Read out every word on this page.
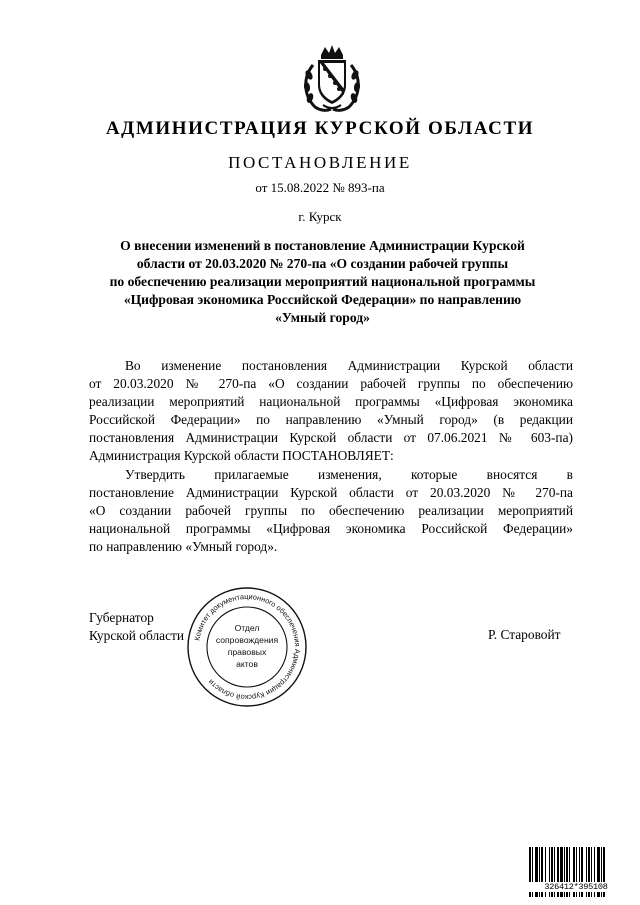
АДМИНИСТРАЦИЯ КУРСКОЙ ОБЛАСТИ
ПОСТАНОВЛЕНИЕ
от 15.08.2022 № 893-па
г. Курск
О внесении изменений в постановление Администрации Курской
области от 20.03.2020 № 270-па «О создании рабочей группы
по обеспечению реализации мероприятий национальной программы
«Цифровая экономика Российской Федерации» по направлению
«Умный город»
Во изменение постановления Администрации Курской области
от 20.03.2020 № 270-па «О создании рабочей группы по обеспечению
реализации мероприятий национальной программы «Цифровая экономика
Российской Федерации» по направлению «Умный город» (в редакции
постановления Администрации Курской области от 07.06.2021 № 603-па)
Администрация Курской области ПОСТАНОВЛЯЕТ:
Утвердить прилагаемые изменения, которые вносятся в
постановление Администрации Курской области от 20.03.2020 № 270-па
«О создании рабочей группы по обеспечению реализации мероприятий
национальной программы «Цифровая экономика Российской Федерации»
по направлению «Умный город».
Губернатор
Курской области	Р. Старовойт
Комитет документационного обеспечения Администрации Курской области
Отдел
сопровождения
правовых
актов
326412*395108
